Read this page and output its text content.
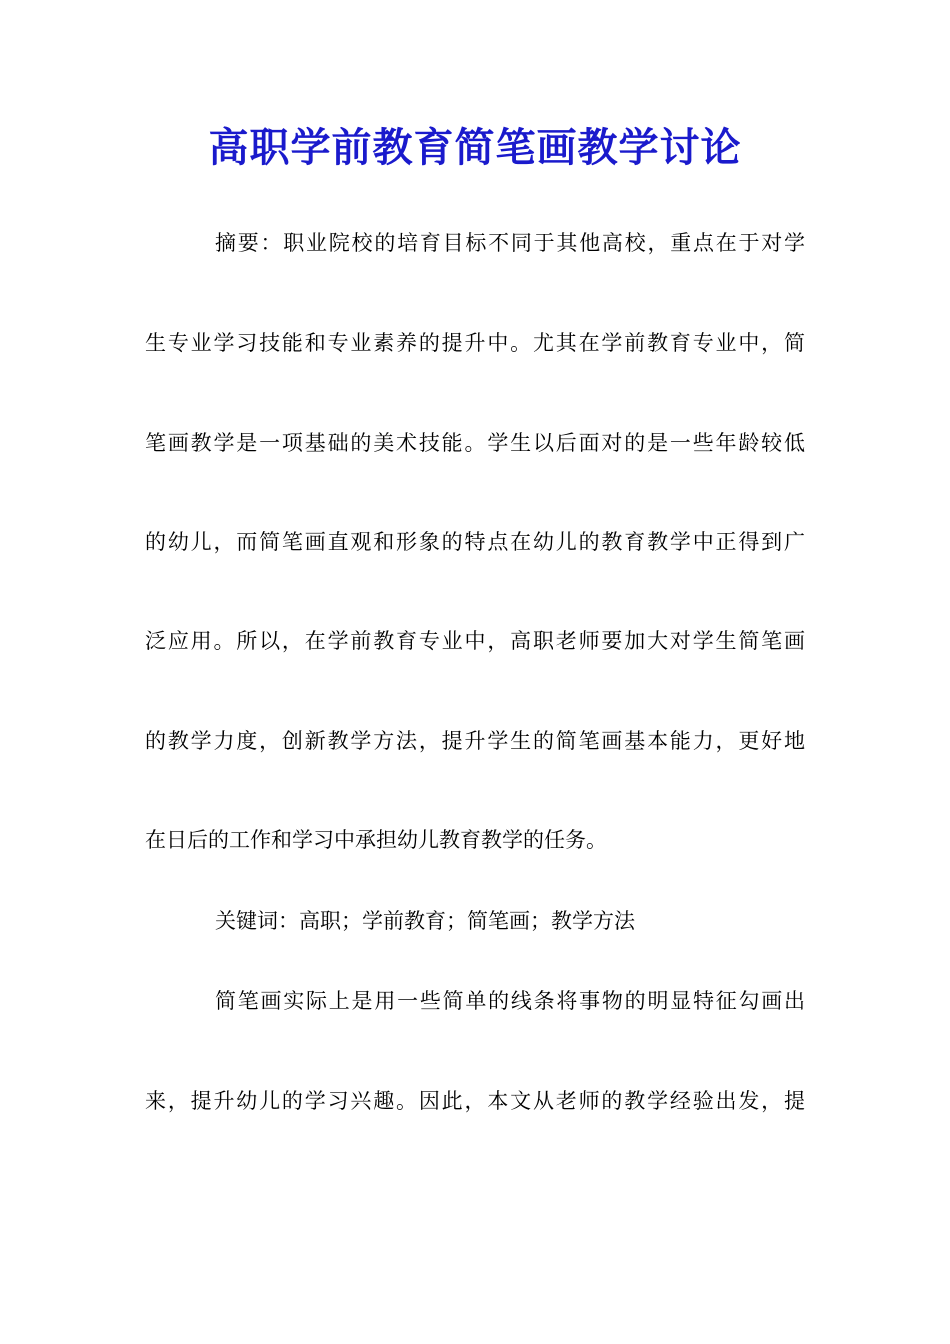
高职学前教育简笔画教学讨论

摘要：职业院校的培育目标不同于其他高校，重点在于对学

生专业学习技能和专业素养的提升中。尤其在学前教育专业中，简

笔画教学是一项基础的美术技能。学生以后面对的是一些年龄较低

的幼儿，而简笔画直观和形象的特点在幼儿的教育教学中正得到广

泛应用。所以，在学前教育专业中，高职老师要加大对学生简笔画

的教学力度，创新教学方法，提升学生的简笔画基本能力，更好地

在日后的工作和学习中承担幼儿教育教学的任务。

关键词：高职；学前教育；简笔画；教学方法

简笔画实际上是用一些简单的线条将事物的明显特征勾画出

来，提升幼儿的学习兴趣。因此，本文从老师的教学经验出发，提
